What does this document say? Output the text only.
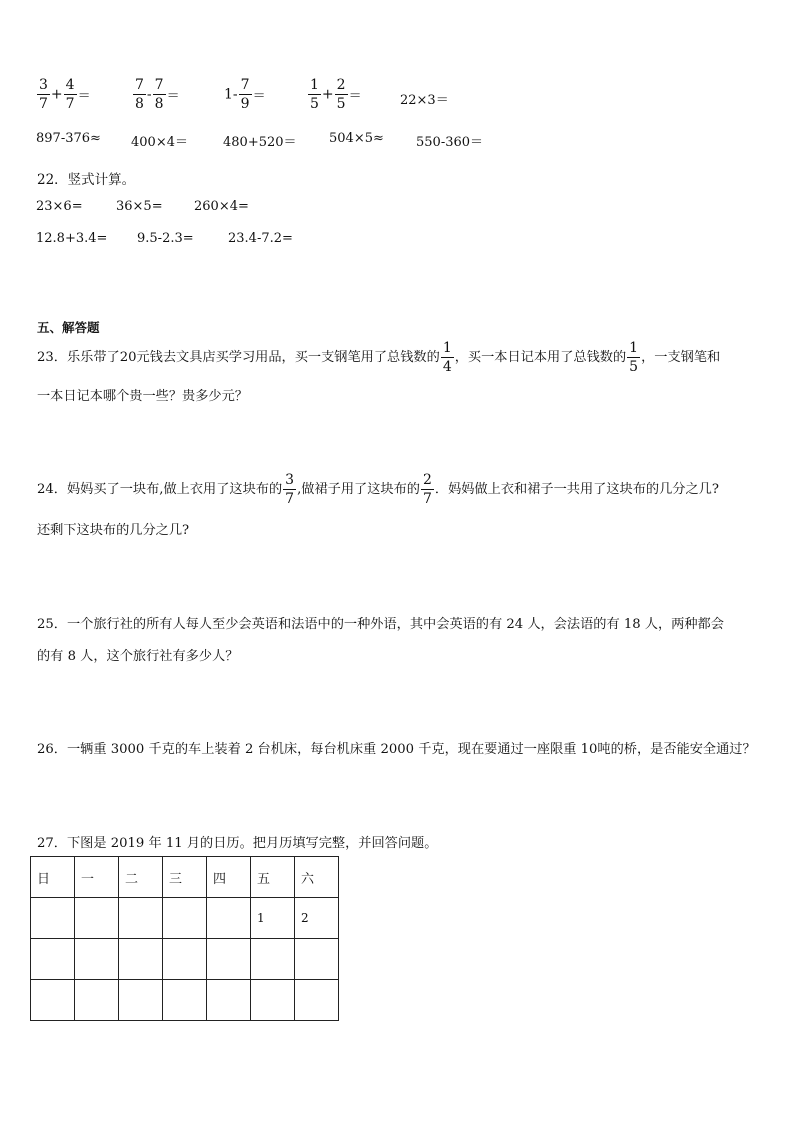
$\frac{3}{7} + \frac{4}{7}$ ＝	$\frac{7}{8} - \frac{7}{8}$ ＝	$1- \frac{7}{9}$ ＝	$\frac{1}{5} + \frac{2}{5}$ ＝	22×3＝
897-376≈ 400×4＝	480+520＝ 504×5≈ 550-360＝
22．竖式计算。
23×6=	36×5= 260×4=
12.8+3.4= 9.5-2.3=	23.4-7.2=
五、解答题
23．乐乐带了20元钱去文具店买学习用品，买一支钢笔用了总钱数的 $\frac{1}{4}$ ，买一本日记本用了总钱数的 $\frac{1}{5}$ ，一支钢笔和
一本日记本哪个贵一些？贵多少元？
24．妈妈买了一块布,做上衣用了这块布的 $\frac{3}{7}$ ,做裙子用了这块布的 $\frac{2}{7}$ ．妈妈做上衣和裙子一共用了这块布的几分之几?
还剩下这块布的几分之几?
25．一个旅行社的所有人每人至少会英语和法语中的一种外语，其中会英语的有 24 人，会法语的有 18 人，两种都会
的有 8 人，这个旅行社有多少人？
26．一辆重 3000 千克的车上装着 2 台机床，每台机床重 2000 千克，现在要通过一座限重 10吨的桥，是否能安全通过？
27．下图是 2019 年 11 月的日历。把月历填写完整，并回答问题。
日	一	二	三	四	五	六
					1	2
